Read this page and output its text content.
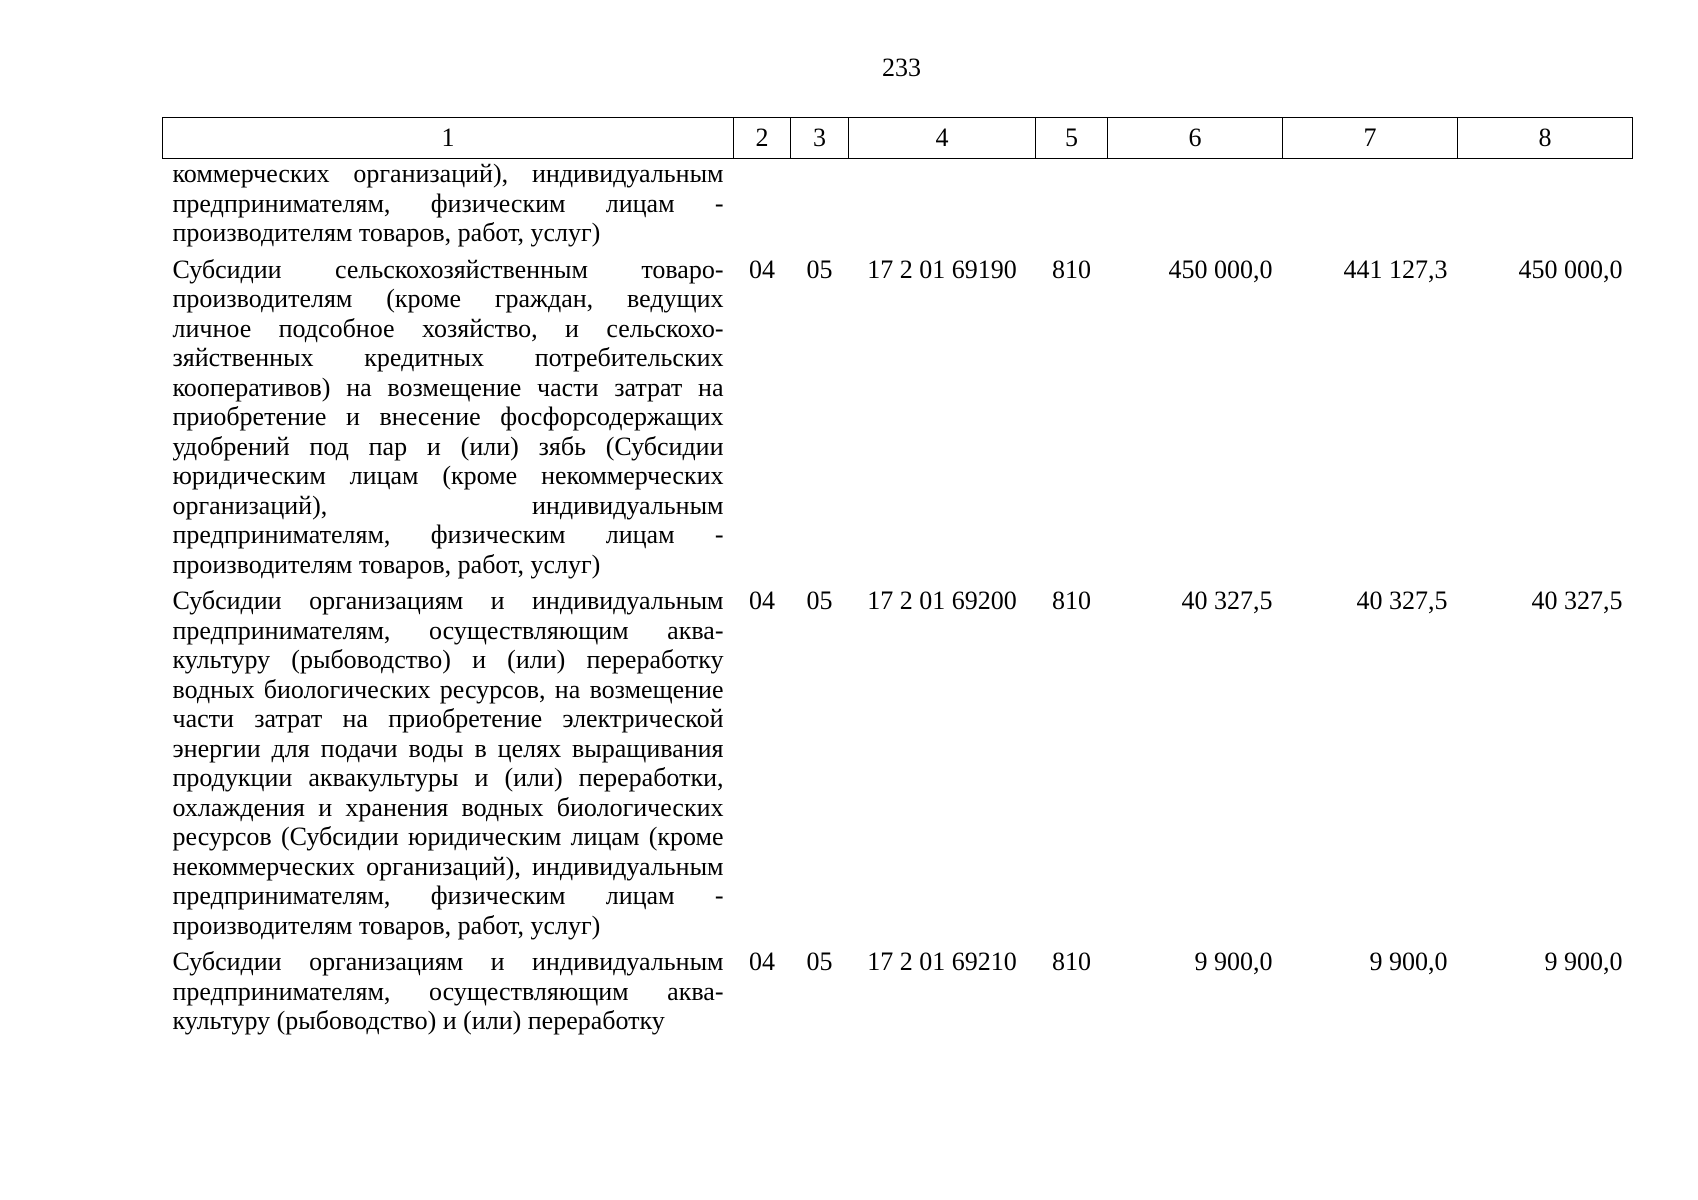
233
1	2	3	4	5	6	7	8
коммерческих организаций), индивидуальным предпринимателям, физическим лицам - производителям товаров, работ, услуг)							
Субсидии сельскохозяйственным товаропроизводителям (кроме граждан, ведущих личное подсобное хозяйство, и сельскохозяйственных кредитных потребительских кооперативов) на возмещение части затрат на приобретение и внесение фосфорсодержащих удобрений под пар и (или) зябь (Субсидии юридическим лицам (кроме некоммерческих организаций), индивидуальным предпринимателям, физическим лицам - производителям товаров, работ, услуг)	04	05	17 2 01 69190	810	450 000,0	441 127,3	450 000,0
Субсидии организациям и индивидуальным предпринимателям, осуществляющим аквакультуру (рыбоводство) и (или) переработку водных биологических ресурсов, на возмещение части затрат на приобретение электрической энергии для подачи воды в целях выращивания продукции аквакультуры и (или) переработки, охлаждения и хранения водных биологических ресурсов (Субсидии юридическим лицам (кроме некоммерческих организаций), индивидуальным предпринимателям, физическим лицам - производителям товаров, работ, услуг)	04	05	17 2 01 69200	810	40 327,5	40 327,5	40 327,5
Субсидии организациям и индивидуальным предпринимателям, осуществляющим аквакультуру (рыбоводство) и (или) переработку	04	05	17 2 01 69210	810	9 900,0	9 900,0	9 900,0
